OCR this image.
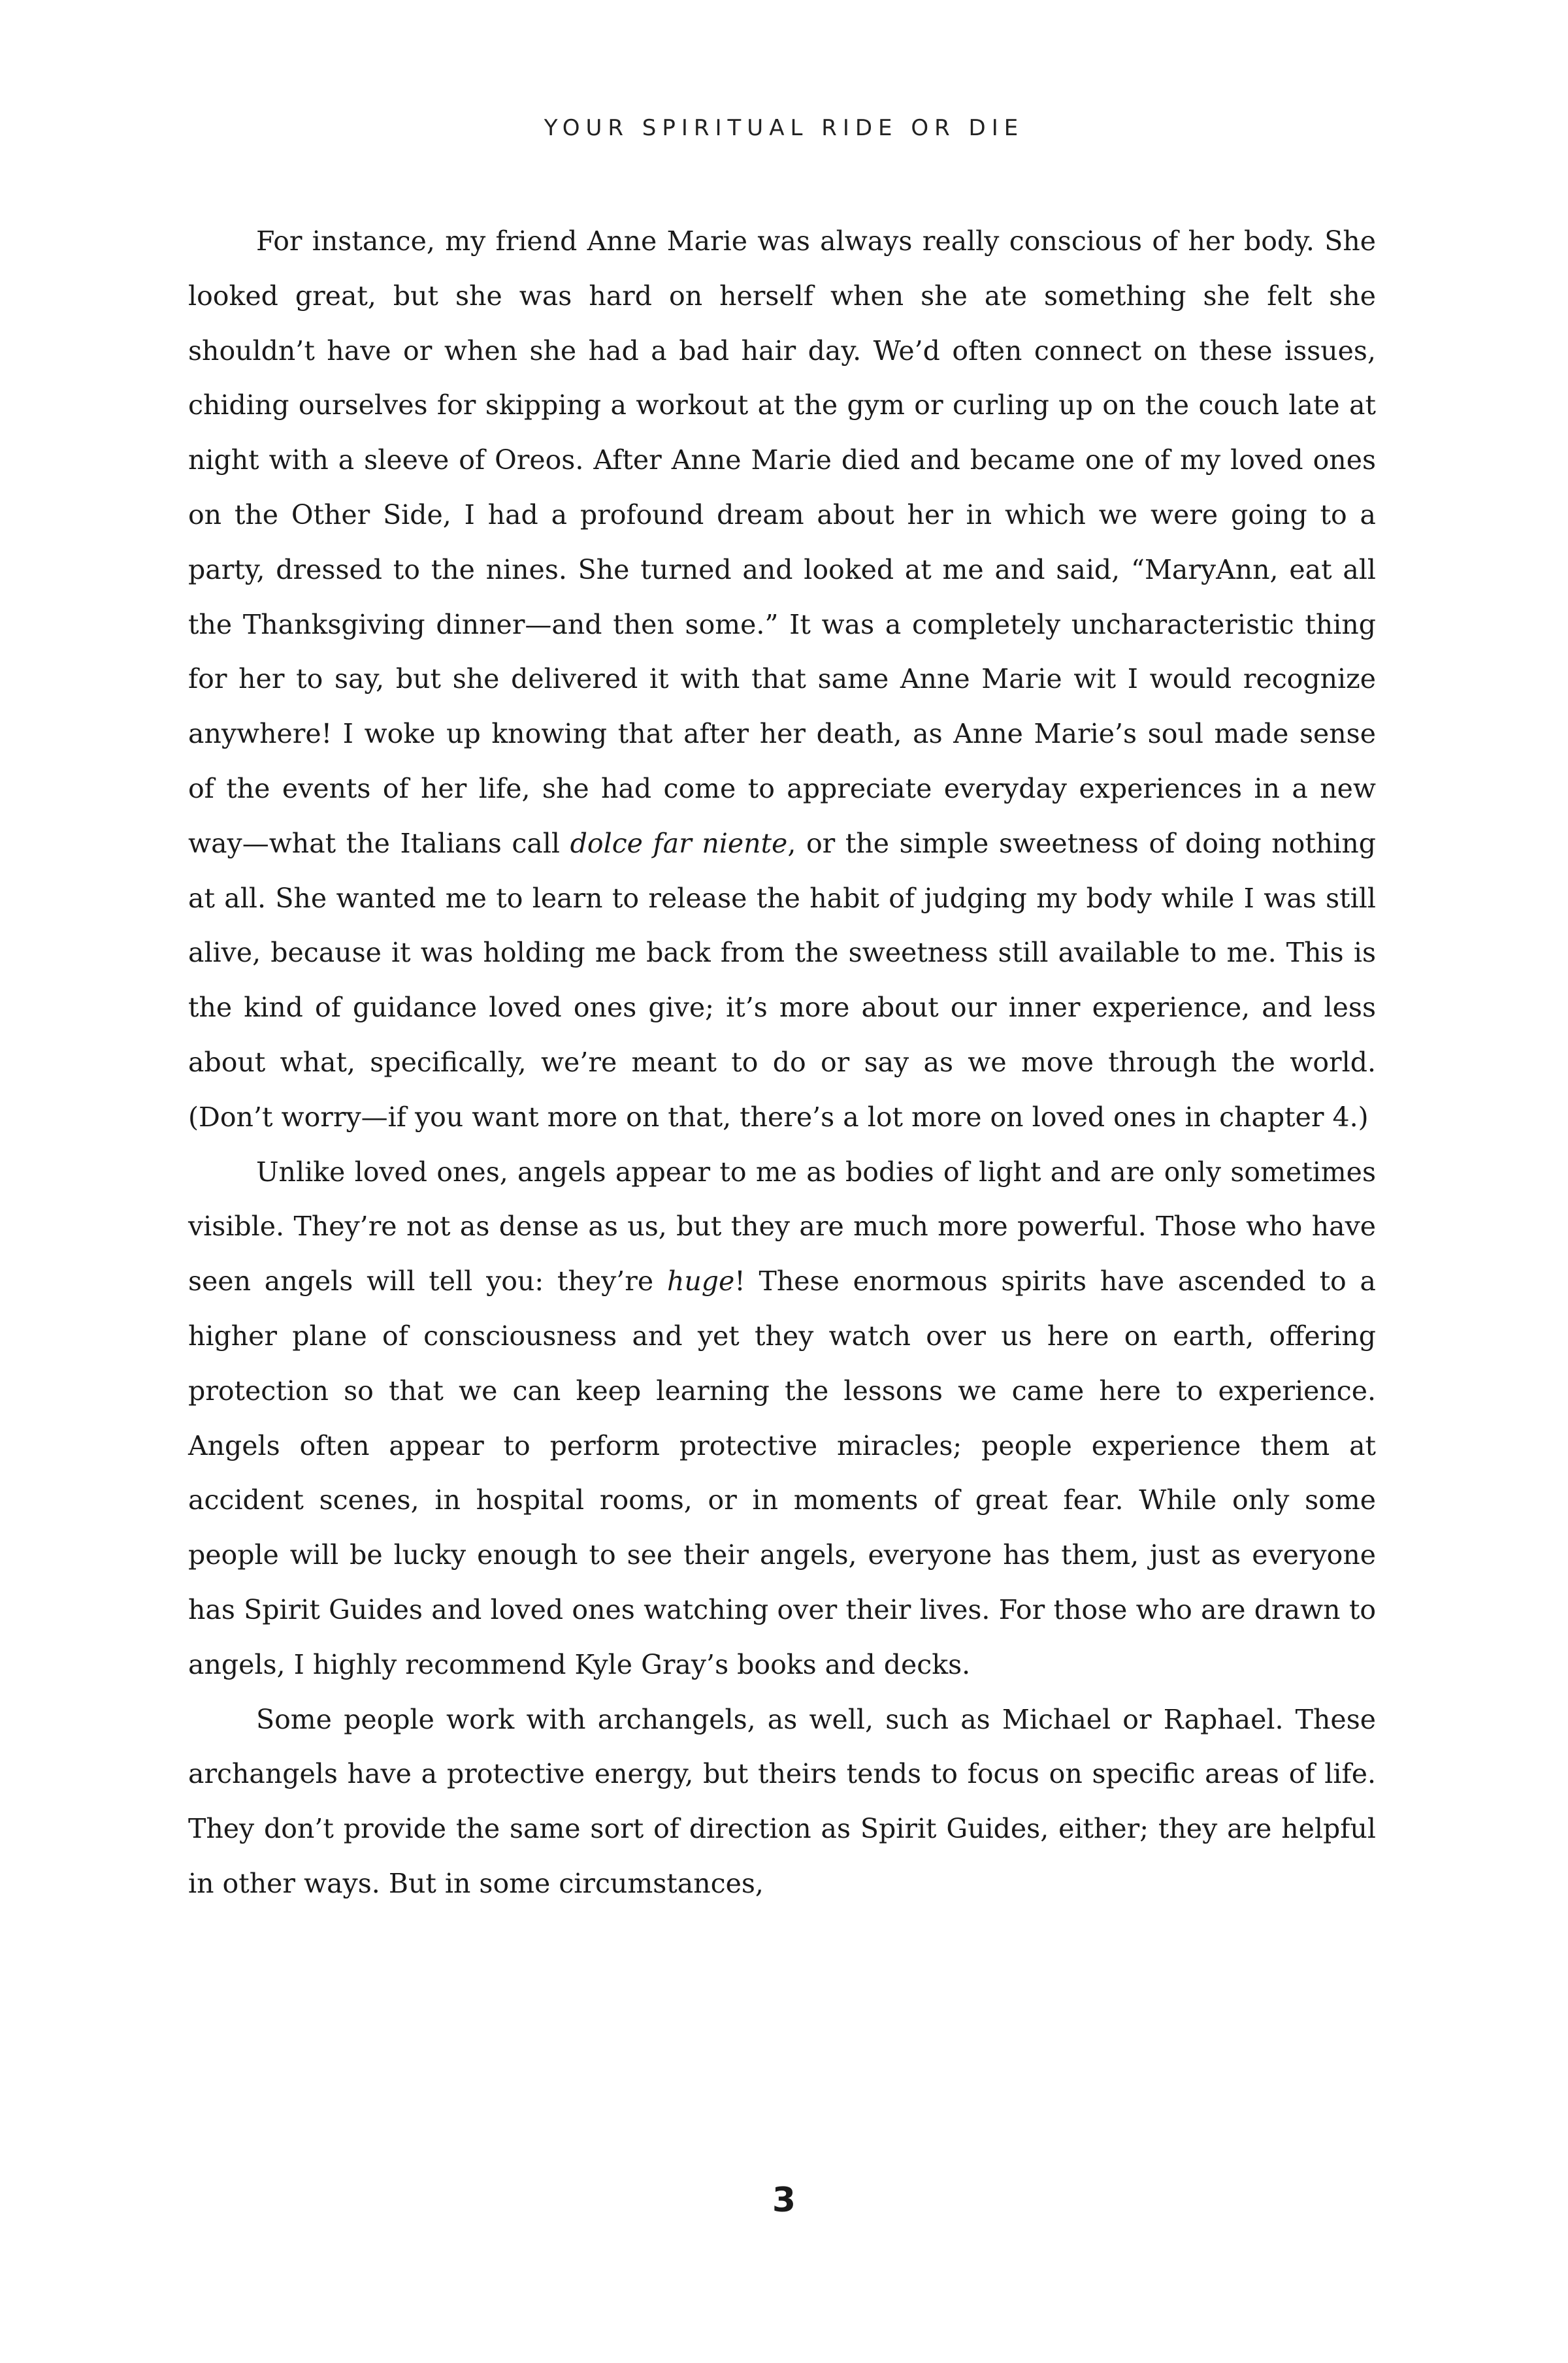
YOUR SPIRITUAL RIDE OR DIE

For instance, my friend Anne Marie was always really conscious of her body. She looked great, but she was hard on herself when she ate something she felt she shouldn’t have or when she had a bad hair day. We’d often connect on these issues, chiding ourselves for skipping a workout at the gym or curling up on the couch late at night with a sleeve of Oreos. After Anne Marie died and became one of my loved ones on the Other Side, I had a profound dream about her in which we were going to a party, dressed to the nines. She turned and looked at me and said, “MaryAnn, eat all the Thanksgiving dinner—and then some.” It was a completely uncharacteristic thing for her to say, but she delivered it with that same Anne Marie wit I would recognize anywhere! I woke up knowing that after her death, as Anne Marie’s soul made sense of the events of her life, she had come to appreciate everyday experiences in a new way—what the Italians call dolce far niente, or the simple sweetness of doing nothing at all. She wanted me to learn to release the habit of judging my body while I was still alive, because it was holding me back from the sweetness still available to me. This is the kind of guidance loved ones give; it’s more about our inner experience, and less about what, specifically, we’re meant to do or say as we move through the world. (Don’t worry—if you want more on that, there’s a lot more on loved ones in chapter 4.)

Unlike loved ones, angels appear to me as bodies of light and are only sometimes visible. They’re not as dense as us, but they are much more powerful. Those who have seen angels will tell you: they’re huge! These enormous spirits have ascended to a higher plane of consciousness and yet they watch over us here on earth, offering protection so that we can keep learning the lessons we came here to experience. Angels often appear to perform protective miracles; people experience them at accident scenes, in hospital rooms, or in moments of great fear. While only some people will be lucky enough to see their angels, everyone has them, just as everyone has Spirit Guides and loved ones watching over their lives. For those who are drawn to angels, I highly recommend Kyle Gray’s books and decks.

Some people work with archangels, as well, such as Michael or Raphael. These archangels have a protective energy, but theirs tends to focus on specific areas of life. They don’t provide the same sort of direction as Spirit Guides, either; they are helpful in other ways. But in some circumstances,

3
